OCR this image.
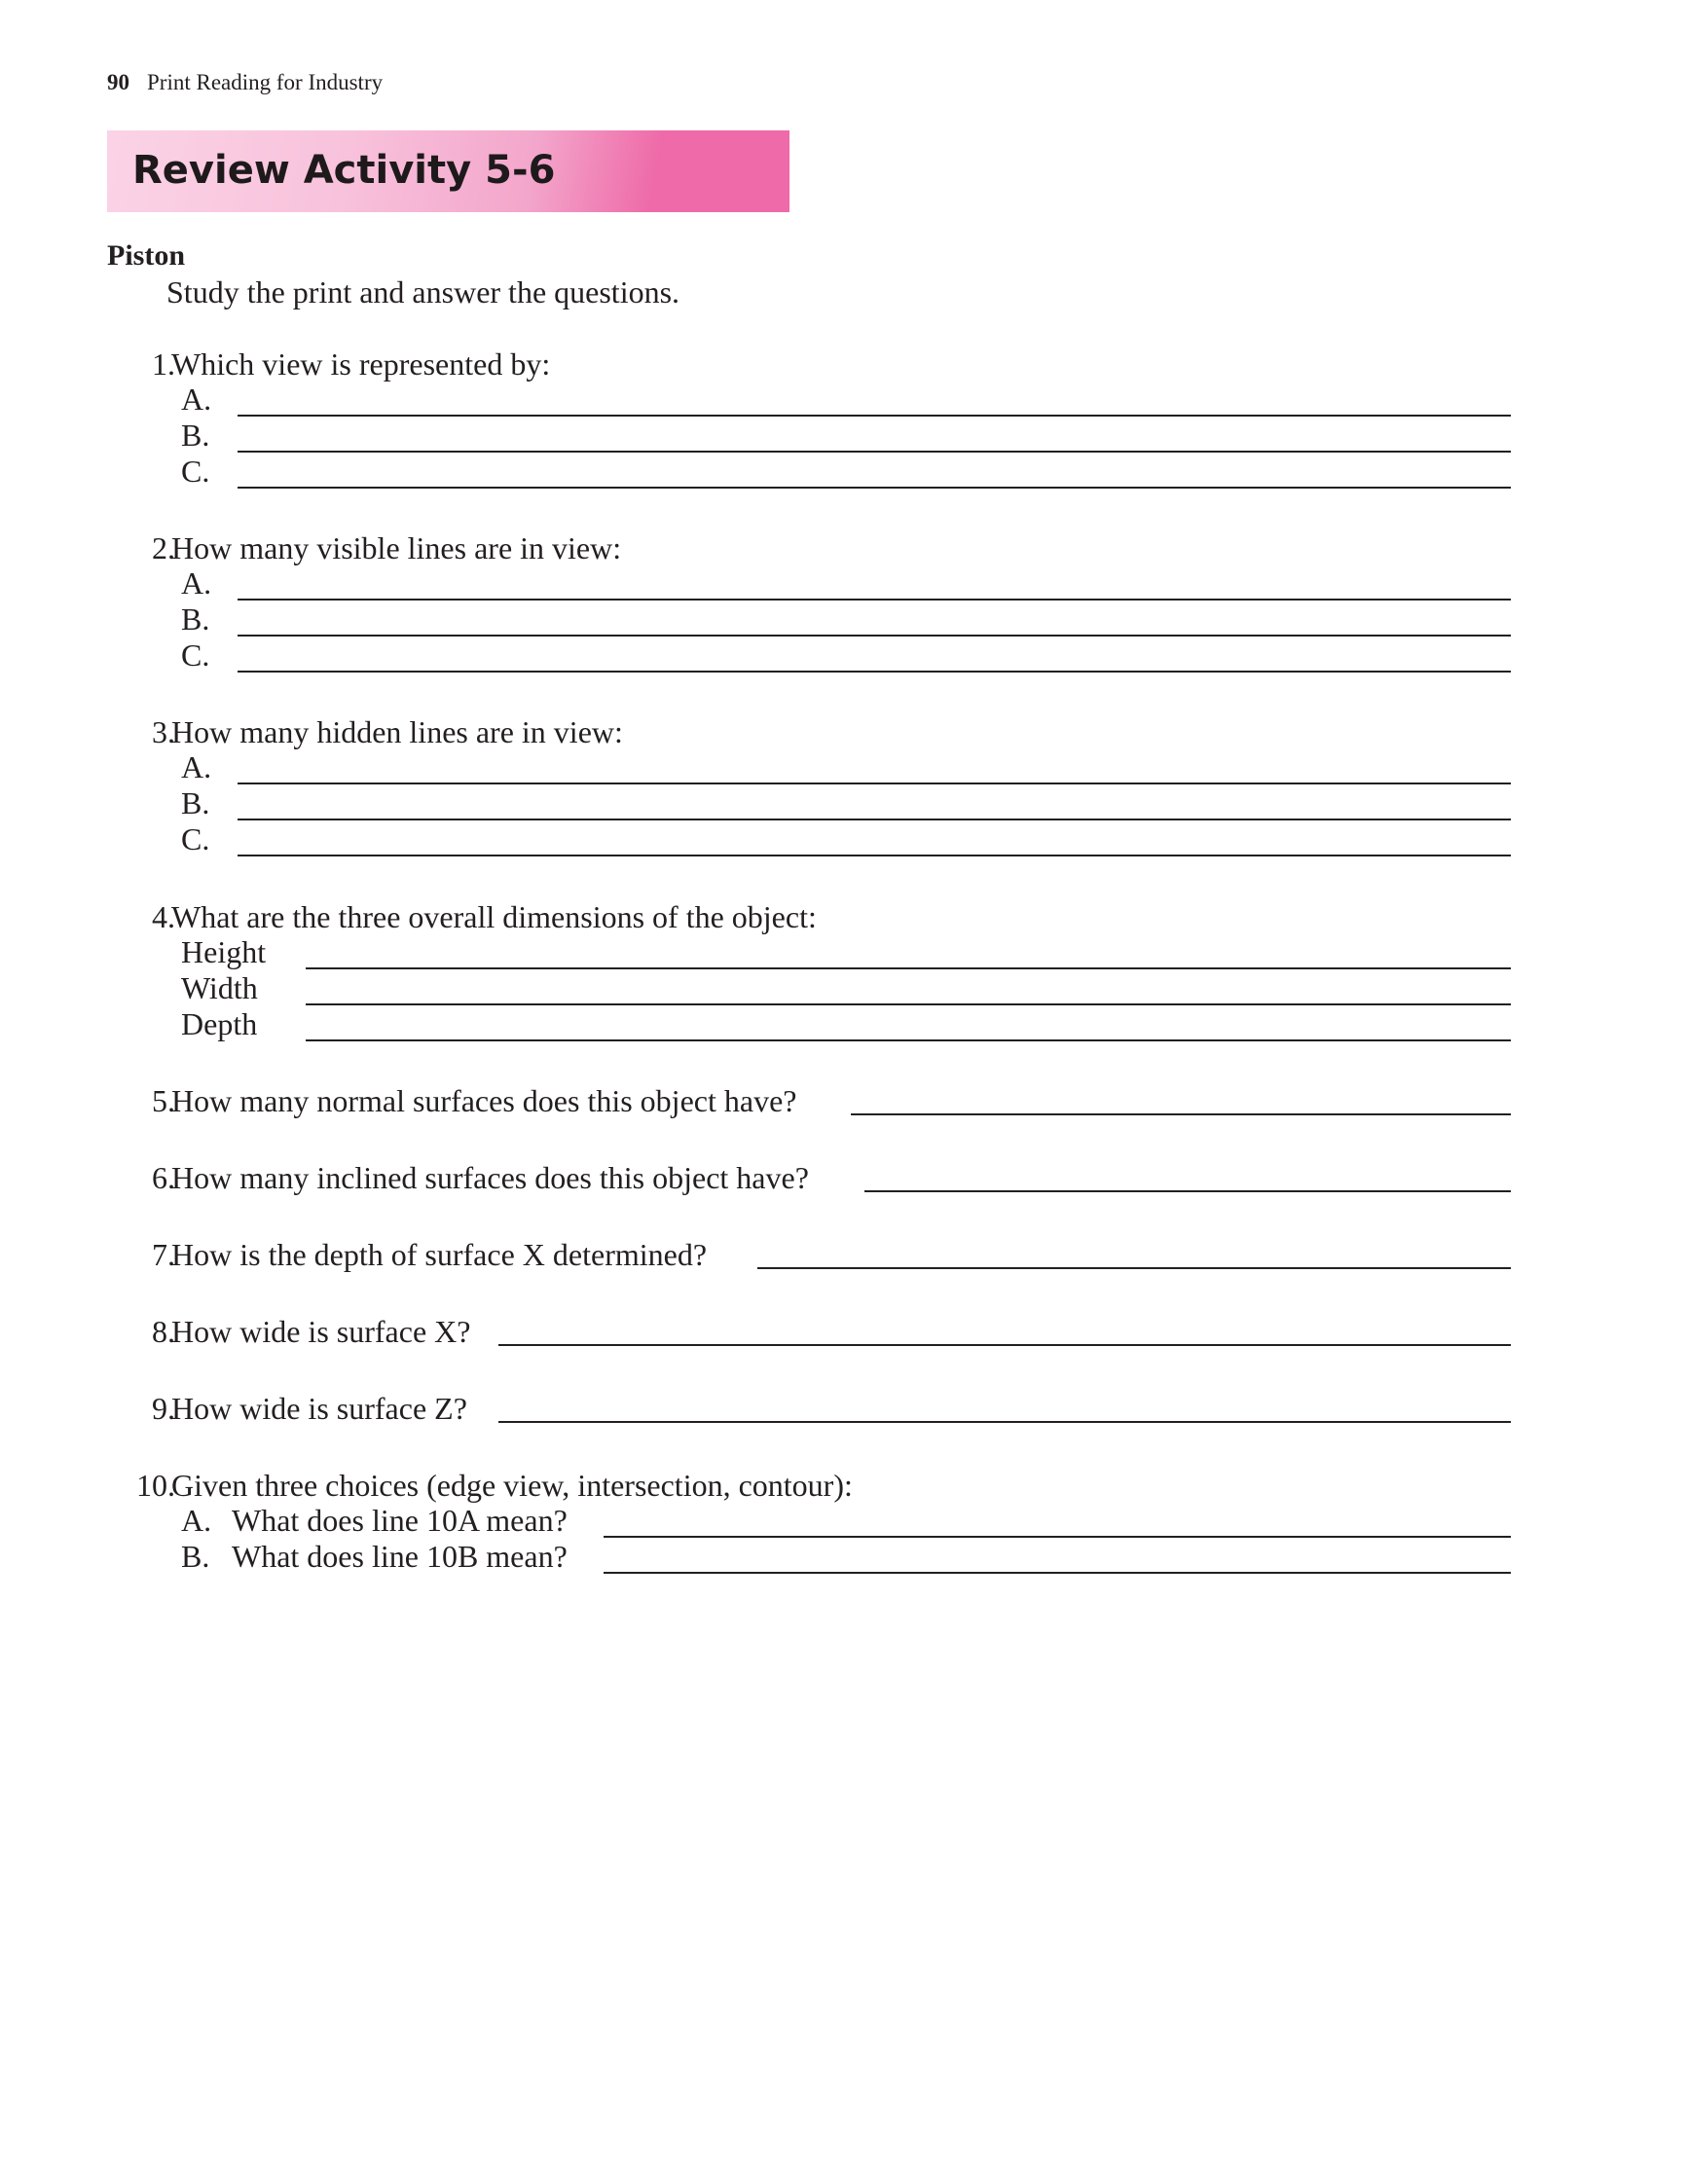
90 Print Reading for Industry
Review Activity 5-6
Piston
Study the print and answer the questions.
1.
Which view is represented by:
A.
B.
C.
2.
How many visible lines are in view:
A.
B.
C.
3.
How many hidden lines are in view:
A.
B.
C.
4.
What are the three overall dimensions of the object:
Height
Width
Depth
5.
How many normal surfaces does this object have?
6.
How many inclined surfaces does this object have?
7.
How is the depth of surface X determined?
8.
How wide is surface X?
9.
How wide is surface Z?
10.
Given three choices (edge view, intersection, contour):
A. What does line 10A mean?
B. What does line 10B mean?
